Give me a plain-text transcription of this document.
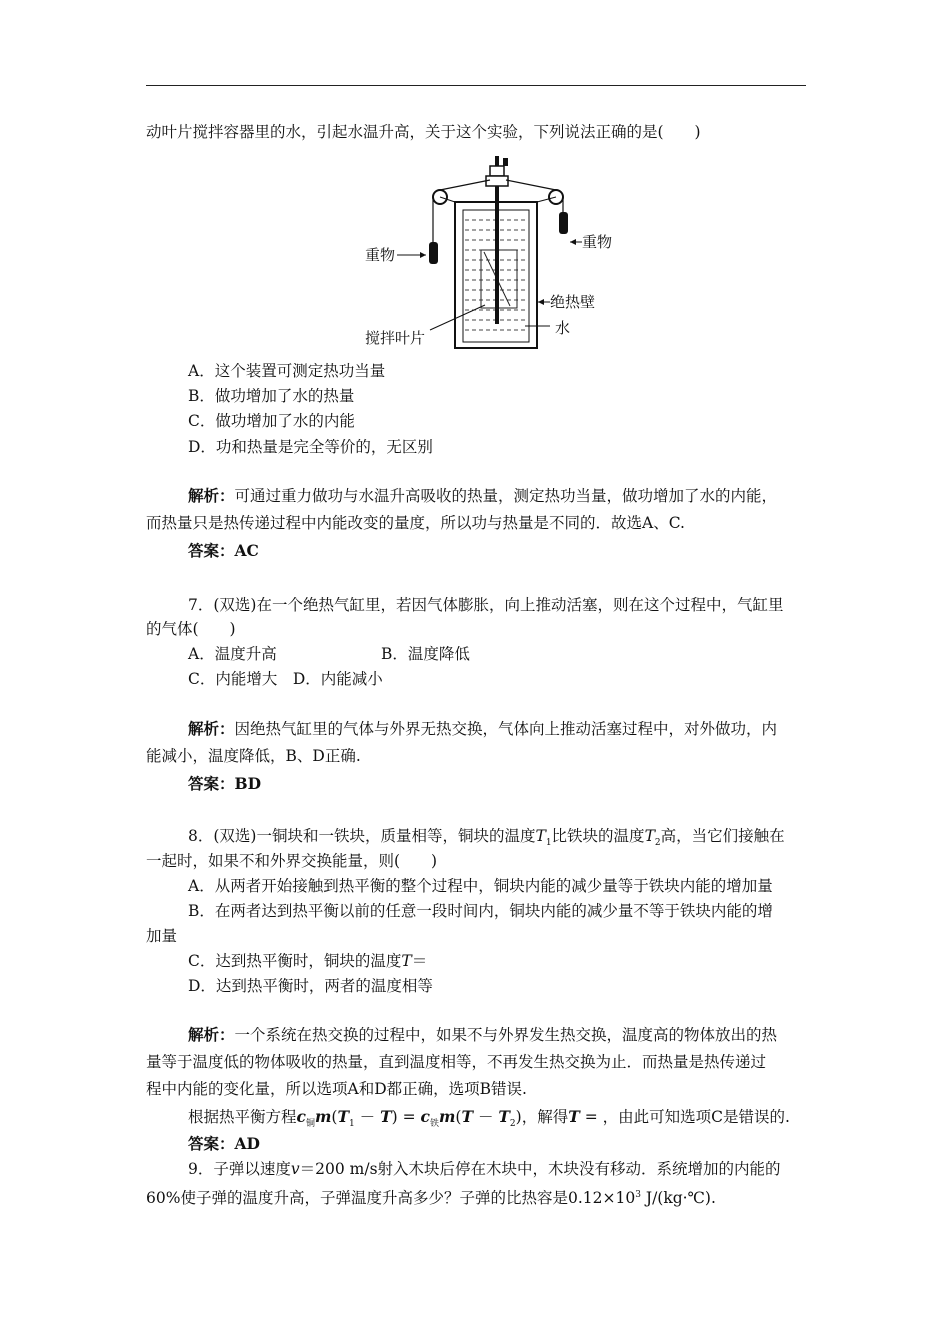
动叶片搅拌容器里的水，引起水温升高，关于这个实验，下列说法正确的是(　　)
重物
重物
绝热壁
搅拌叶片
水
A．这个装置可测定热功当量
B．做功增加了水的热量
C．做功增加了水的内能
D．功和热量是完全等价的，无区别
解析：可通过重力做功与水温升高吸收的热量，测定热功当量，做功增加了水的内能，
而热量只是热传递过程中内能改变的量度，所以功与热量是不同的．故选A、C.
答案：AC
7．(双选)在一个绝热气缸里，若因气体膨胀，向上推动活塞，则在这个过程中，气缸里
的气体(　　)
A．温度升高	B．温度降低
C．内能增大　D．内能减小
解析：因绝热气缸里的气体与外界无热交换，气体向上推动活塞过程中，对外做功，内
能减小，温度降低，B、D正确.
答案：BD
8．(双选)一铜块和一铁块，质量相等，铜块的温度$T_1$比铁块的温度$T_2$高，当它们接触在
一起时，如果不和外界交换能量，则(　　)
A．从两者开始接触到热平衡的整个过程中，铜块内能的减少量等于铁块内能的增加量
B．在两者达到热平衡以前的任意一段时间内，铜块内能的减少量不等于铁块内能的增
加量
C．达到热平衡时，铜块的温度T＝
D．达到热平衡时，两者的温度相等
解析：一个系统在热交换的过程中，如果不与外界发生热交换，温度高的物体放出的热
量等于温度低的物体吸收的热量，直到温度相等，不再发生热交换为止．而热量是热传递过
程中内能的变化量，所以选项A和D都正确，选项B错误.
根据热平衡方程$c_铜m(T_1 - T) = c_铁m(T - T_2)$，解得T = ，由此可知选项C是错误的.
答案：AD
9．子弹以速度v＝200 m/s射入木块后停在木块中，木块没有移动．系统增加的内能的
60%使子弹的温度升高，子弹温度升高多少？子弹的比热容是$0.12\times 10^3$ J/(kg·℃).
